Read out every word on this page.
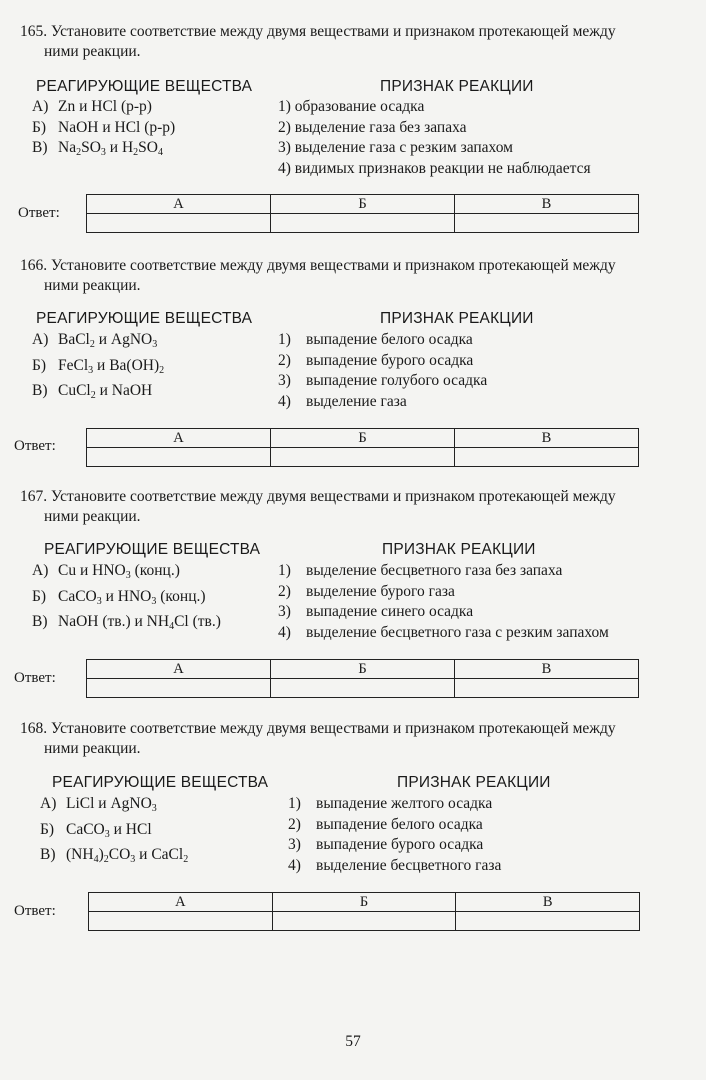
165. Установите соответствие между двумя веществами и признаком протекающей между
ними реакции.
РЕАГИРУЮЩИЕ ВЕЩЕСТВА	ПРИЗНАК РЕАКЦИИ
А) Zn и HCl (р-р)
Б) NaOH и HCl (р-р)
В) $Na_2SO_3$ и $H_2SO_4$
1) образование осадка
2) выделение газа без запаха
3) выделение газа с резким запахом
4) видимых признаков реакции не наблюдается
Ответ:
А	Б	В

166. Установите соответствие между двумя веществами и признаком протекающей между
ними реакции.
РЕАГИРУЮЩИЕ ВЕЩЕСТВА	ПРИЗНАК РЕАКЦИИ
А) BaCl$_2$ и AgNO$_3$
Б) FeCl$_3$ и $Ba(OH)_2$
В) CuCl$_2$ и NaOH
1) выпадение белого осадка
2) выпадение бурого осадка
3) выпадение голубого осадка
4) выделение газа
Ответ:
А	Б	В

167. Установите соответствие между двумя веществами и признаком протекающей между
ними реакции.
РЕАГИРУЮЩИЕ ВЕЩЕСТВА	ПРИЗНАК РЕАКЦИИ
А) Cu и $HNO_3$ (конц.)
Б) CaCO$_3$ и $HNO_3$ (конц.)
В) NaOH (тв.) и $NH_4Cl$ (тв.)
1) выделение бесцветного газа без запаха
2) выделение бурого газа
3) выпадение синего осадка
4) выделение бесцветного газа с резким запахом
Ответ:
А	Б	В

168. Установите соответствие между двумя веществами и признаком протекающей между
ними реакции.
РЕАГИРУЮЩИЕ ВЕЩЕСТВА	ПРИЗНАК РЕАКЦИИ
А) LiCl и AgNO$_3$
Б) CaCO$_3$ и HCl
В) $(NH_4)_2CO_3$ и CaCl$_2$
1) выпадение желтого осадка
2) выпадение белого осадка
3) выпадение бурого осадка
4) выделение бесцветного газа
Ответ:
А	Б	В

57
